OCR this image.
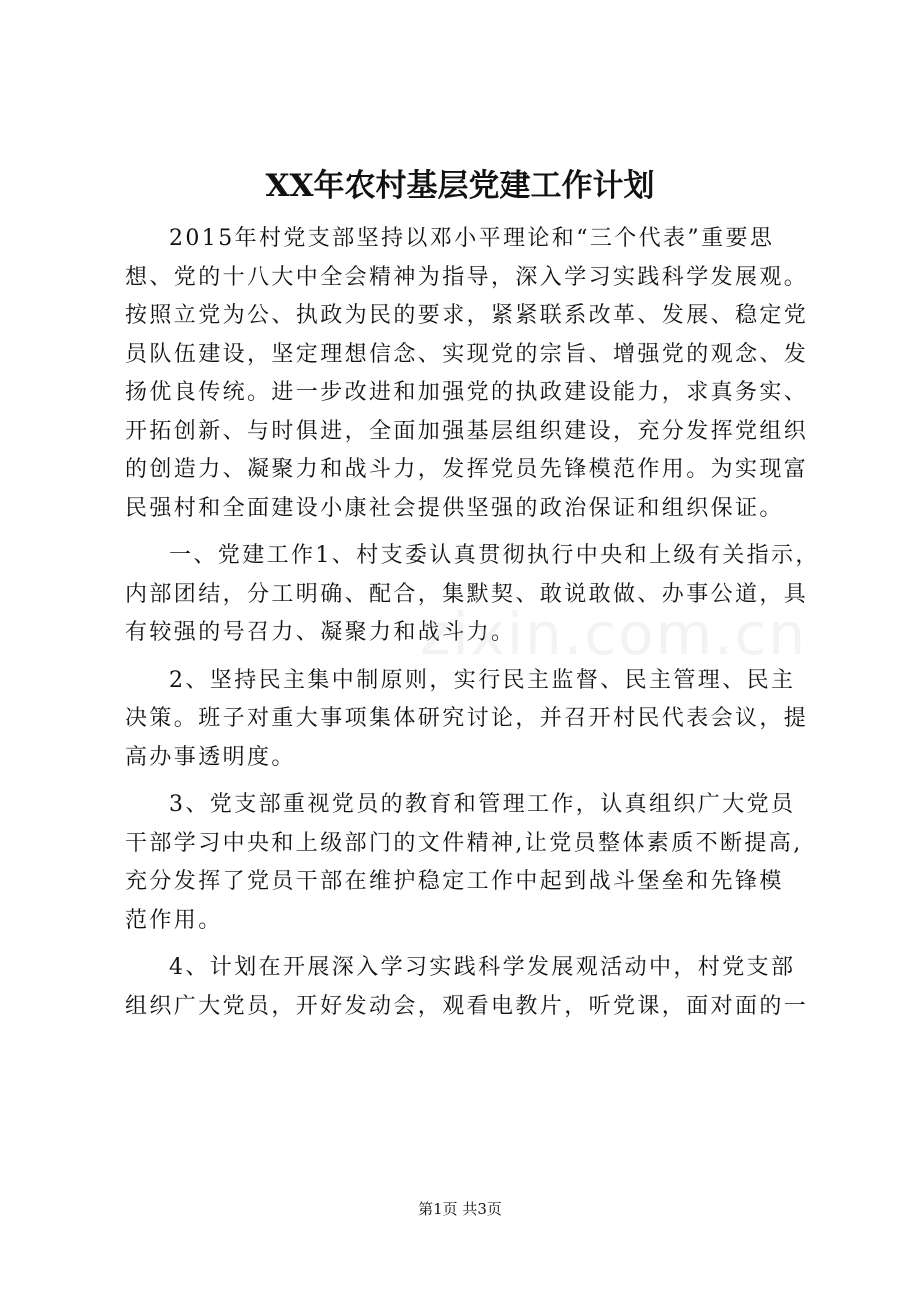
XX年农村基层党建工作计划

2015年村党支部坚持以邓小平理论和“三个代表”重要思
想、党的十八大中全会精神为指导，深入学习实践科学发展观。
按照立党为公、执政为民的要求，紧紧联系改革、发展、稳定党
员队伍建设，坚定理想信念、实现党的宗旨、增强党的观念、发
扬优良传统。进一步改进和加强党的执政建设能力，求真务实、
开拓创新、与时俱进，全面加强基层组织建设，充分发挥党组织
的创造力、凝聚力和战斗力，发挥党员先锋模范作用。为实现富
民强村和全面建设小康社会提供坚强的政治保证和组织保证。

一、党建工作1、村支委认真贯彻执行中央和上级有关指示，
内部团结，分工明确、配合，集默契、敢说敢做、办事公道，具
有较强的号召力、凝聚力和战斗力。

2、坚持民主集中制原则，实行民主监督、民主管理、民主
决策。班子对重大事项集体研究讨论，并召开村民代表会议，提
高办事透明度。

3、党支部重视党员的教育和管理工作，认真组织广大党员
干部学习中央和上级部门的文件精神,让党员整体素质不断提高,
充分发挥了党员干部在维护稳定工作中起到战斗堡垒和先锋模
范作用。

4、计划在开展深入学习实践科学发展观活动中，村党支部
组织广大党员，开好发动会，观看电教片，听党课，面对面的一

zixin.com.cn
第1页 共3页
